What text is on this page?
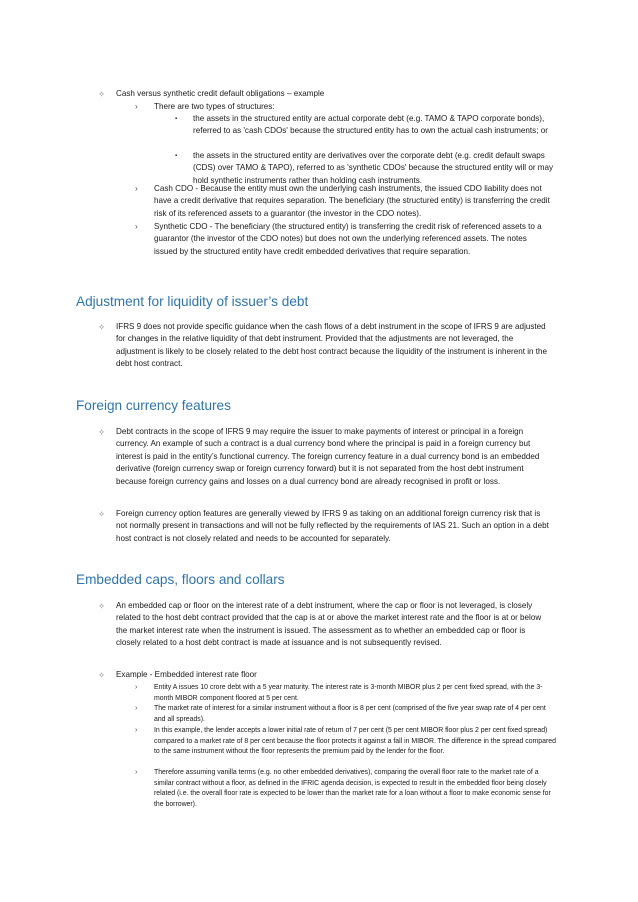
✧	Cash versus synthetic credit default obligations – example

›	There are two types of structures:

▪	the assets in the structured entity are actual corporate debt (e.g. TAMO & TAPO corporate bonds), referred to as 'cash CDOs' because the structured entity has to own the actual cash instruments; or

▪	the assets in the structured entity are derivatives over the corporate debt (e.g. credit default swaps (CDS) over TAMO & TAPO), referred to as 'synthetic CDOs' because the structured entity will or may hold synthetic instruments rather than holding cash instruments.

›	Cash CDO - Because the entity must own the underlying cash instruments, the issued CDO liability does not have a credit derivative that requires separation. The beneficiary (the structured entity) is transferring the credit risk of its referenced assets to a guarantor (the investor in the CDO notes).

›	Synthetic CDO - The beneficiary (the structured entity) is transferring the credit risk of referenced assets to a guarantor (the investor of the CDO notes) but does not own the underlying referenced assets. The notes issued by the structured entity have credit embedded derivatives that require separation.

Adjustment for liquidity of issuer’s debt
✧	IFRS 9 does not provide specific guidance when the cash flows of a debt instrument in the scope of IFRS 9 are adjusted for changes in the relative liquidity of that debt instrument. Provided that the adjustments are not leveraged, the adjustment is likely to be closely related to the debt host contract because the liquidity of the instrument is inherent in the debt host contract.

Foreign currency features
✧	Debt contracts in the scope of IFRS 9 may require the issuer to make payments of interest or principal in a foreign currency. An example of such a contract is a dual currency bond where the principal is paid in a foreign currency but interest is paid in the entity’s functional currency. The foreign currency feature in a dual currency bond is an embedded derivative (foreign currency swap or foreign currency forward) but it is not separated from the host debt instrument because foreign currency gains and losses on a dual currency bond are already recognised in profit or loss.

✧	Foreign currency option features are generally viewed by IFRS 9 as taking on an additional foreign currency risk that is not normally present in transactions and will not be fully reflected by the requirements of IAS 21. Such an option in a debt host contract is not closely related and needs to be accounted for separately.

Embedded caps, floors and collars
✧	An embedded cap or floor on the interest rate of a debt instrument, where the cap or floor is not leveraged, is closely related to the host debt contract provided that the cap is at or above the market interest rate and the floor is at or below the market interest rate when the instrument is issued. The assessment as to whether an embedded cap or floor is closely related to a host debt contract is made at issuance and is not subsequently revised.

✧	Example - Embedded interest rate floor

›	Entity A issues 10 crore debt with a 5 year maturity. The interest rate is 3-month MIBOR plus 2 per cent fixed spread, with the 3-month MIBOR component floored at 5 per cent.

›	The market rate of interest for a similar instrument without a floor is 8 per cent (comprised of the five year swap rate of 4 per cent and all spreads).

›	In this example, the lender accepts a lower initial rate of return of 7 per cent (5 per cent MIBOR floor plus 2 per cent fixed spread) compared to a market rate of 8 per cent because the floor protects it against a fall in MIBOR. The difference in the spread compared to the same instrument without the floor represents the premium paid by the lender for the floor.

›	Therefore assuming vanilla terms (e.g. no other embedded derivatives), comparing the overall floor rate to the market rate of a similar contract without a floor, as defined in the IFRIC agenda decision, is expected to result in the embedded floor being closely related (i.e. the overall floor rate is expected to be lower than the market rate for a loan without a floor to make economic sense for the borrower).
